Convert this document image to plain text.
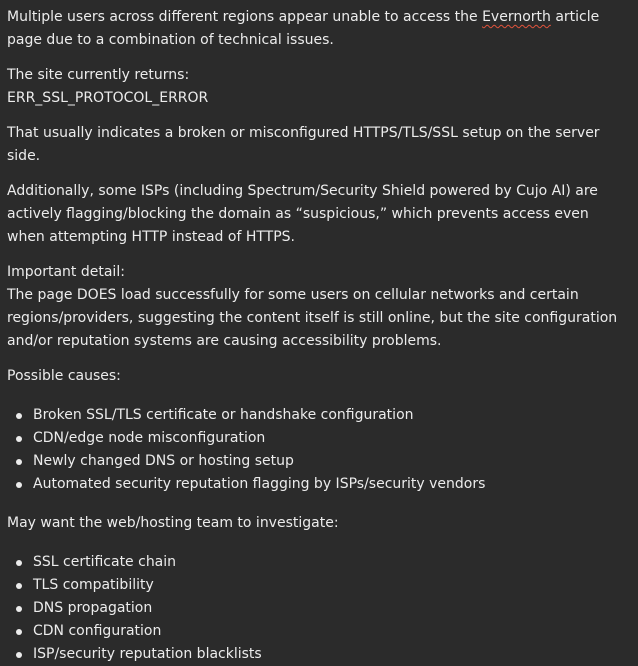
Multiple users across different regions appear unable to access the Evernorth article page due to a combination of technical issues.

The site currently returns:
ERR_SSL_PROTOCOL_ERROR

That usually indicates a broken or misconfigured HTTPS/TLS/SSL setup on the server side.

Additionally, some ISPs (including Spectrum/Security Shield powered by Cujo AI) are actively flagging/blocking the domain as “suspicious,” which prevents access even when attempting HTTP instead of HTTPS.

Important detail:
The page DOES load successfully for some users on cellular networks and certain regions/providers, suggesting the content itself is still online, but the site configuration and/or reputation systems are causing accessibility problems.

Possible causes:

Broken SSL/TLS certificate or handshake configuration
CDN/edge node misconfiguration
Newly changed DNS or hosting setup
Automated security reputation flagging by ISPs/security vendors

May want the web/hosting team to investigate:

SSL certificate chain
TLS compatibility
DNS propagation
CDN configuration
ISP/security reputation blacklists
